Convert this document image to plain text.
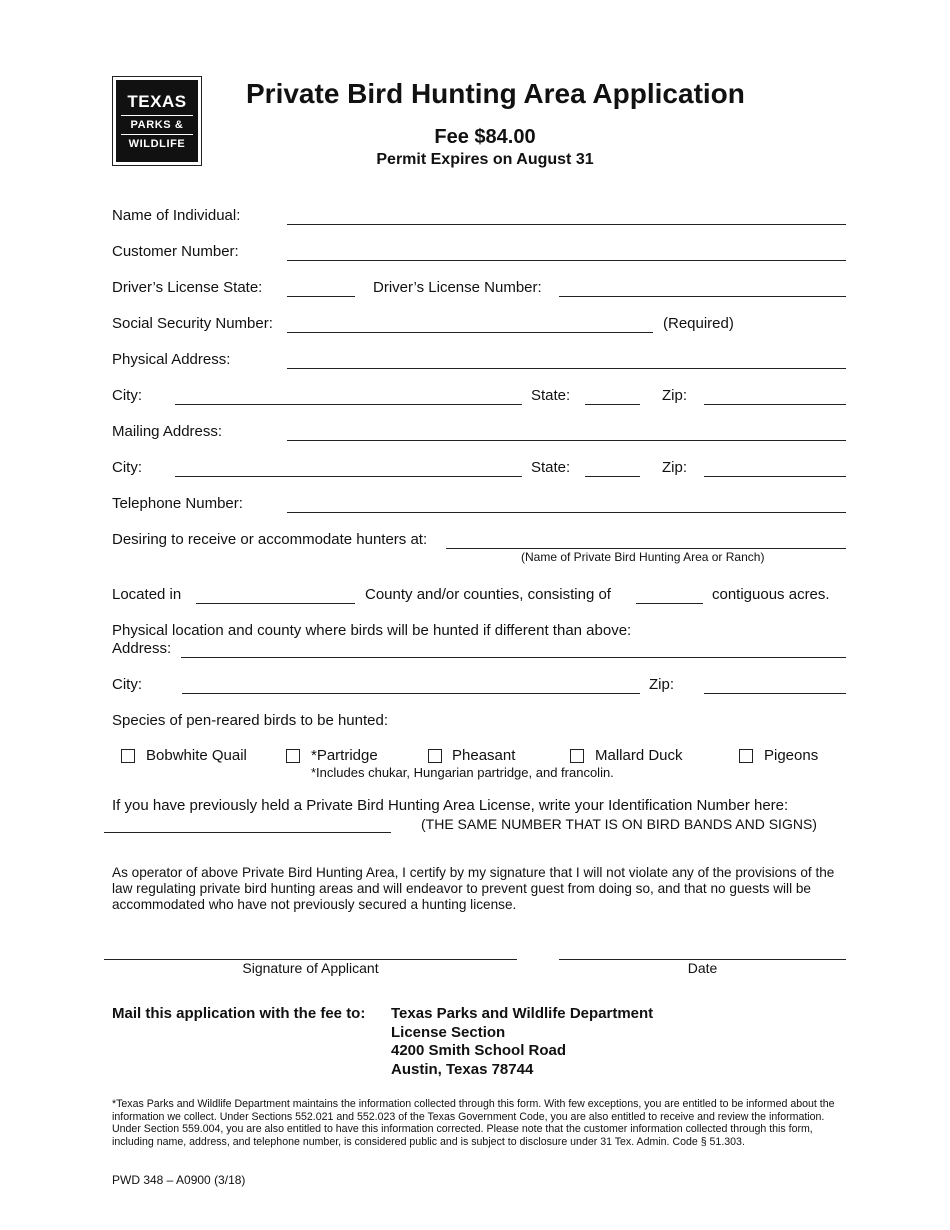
TEXAS
PARKS &
WILDLIFE
Private Bird Hunting Area Application
Fee $84.00
Permit Expires on August 31
Name of Individual:
Customer Number:
Driver’s License State:	Driver’s License Number:
Social Security Number:	(Required)
Physical Address:
City:	State:	Zip:
Mailing Address:
City:	State:	Zip:
Telephone Number:
Desiring to receive or accommodate hunters at:
(Name of Private Bird Hunting Area or Ranch)
Located in	County and/or counties, consisting of	contiguous acres.
Physical location and county where birds will be hunted if different than above:
Address:
City:	Zip:
Species of pen-reared birds to be hunted:
Bobwhite Quail	*Partridge	Pheasant	Mallard Duck	Pigeons
*Includes chukar, Hungarian partridge, and francolin.
If you have previously held a Private Bird Hunting Area License, write your Identification Number here:
(THE SAME NUMBER THAT IS ON BIRD BANDS AND SIGNS)
As operator of above Private Bird Hunting Area, I certify by my signature that I will not violate any of the provisions of the law regulating private bird hunting areas and will endeavor to prevent guest from doing so, and that no guests will be accommodated who have not previously secured a hunting license.
Signature of Applicant	Date
Mail this application with the fee to: Texas Parks and Wildlife Department
License Section
4200 Smith School Road
Austin, Texas 78744
*Texas Parks and Wildlife Department maintains the information collected through this form. With few exceptions, you are entitled to be informed about the information we collect. Under Sections 552.021 and 552.023 of the Texas Government Code, you are also entitled to receive and review the information. Under Section 559.004, you are also entitled to have this information corrected. Please note that the customer information collected through this form, including name, address, and telephone number, is considered public and is subject to disclosure under 31 Tex. Admin. Code § 51.303.
PWD 348 – A0900 (3/18)
